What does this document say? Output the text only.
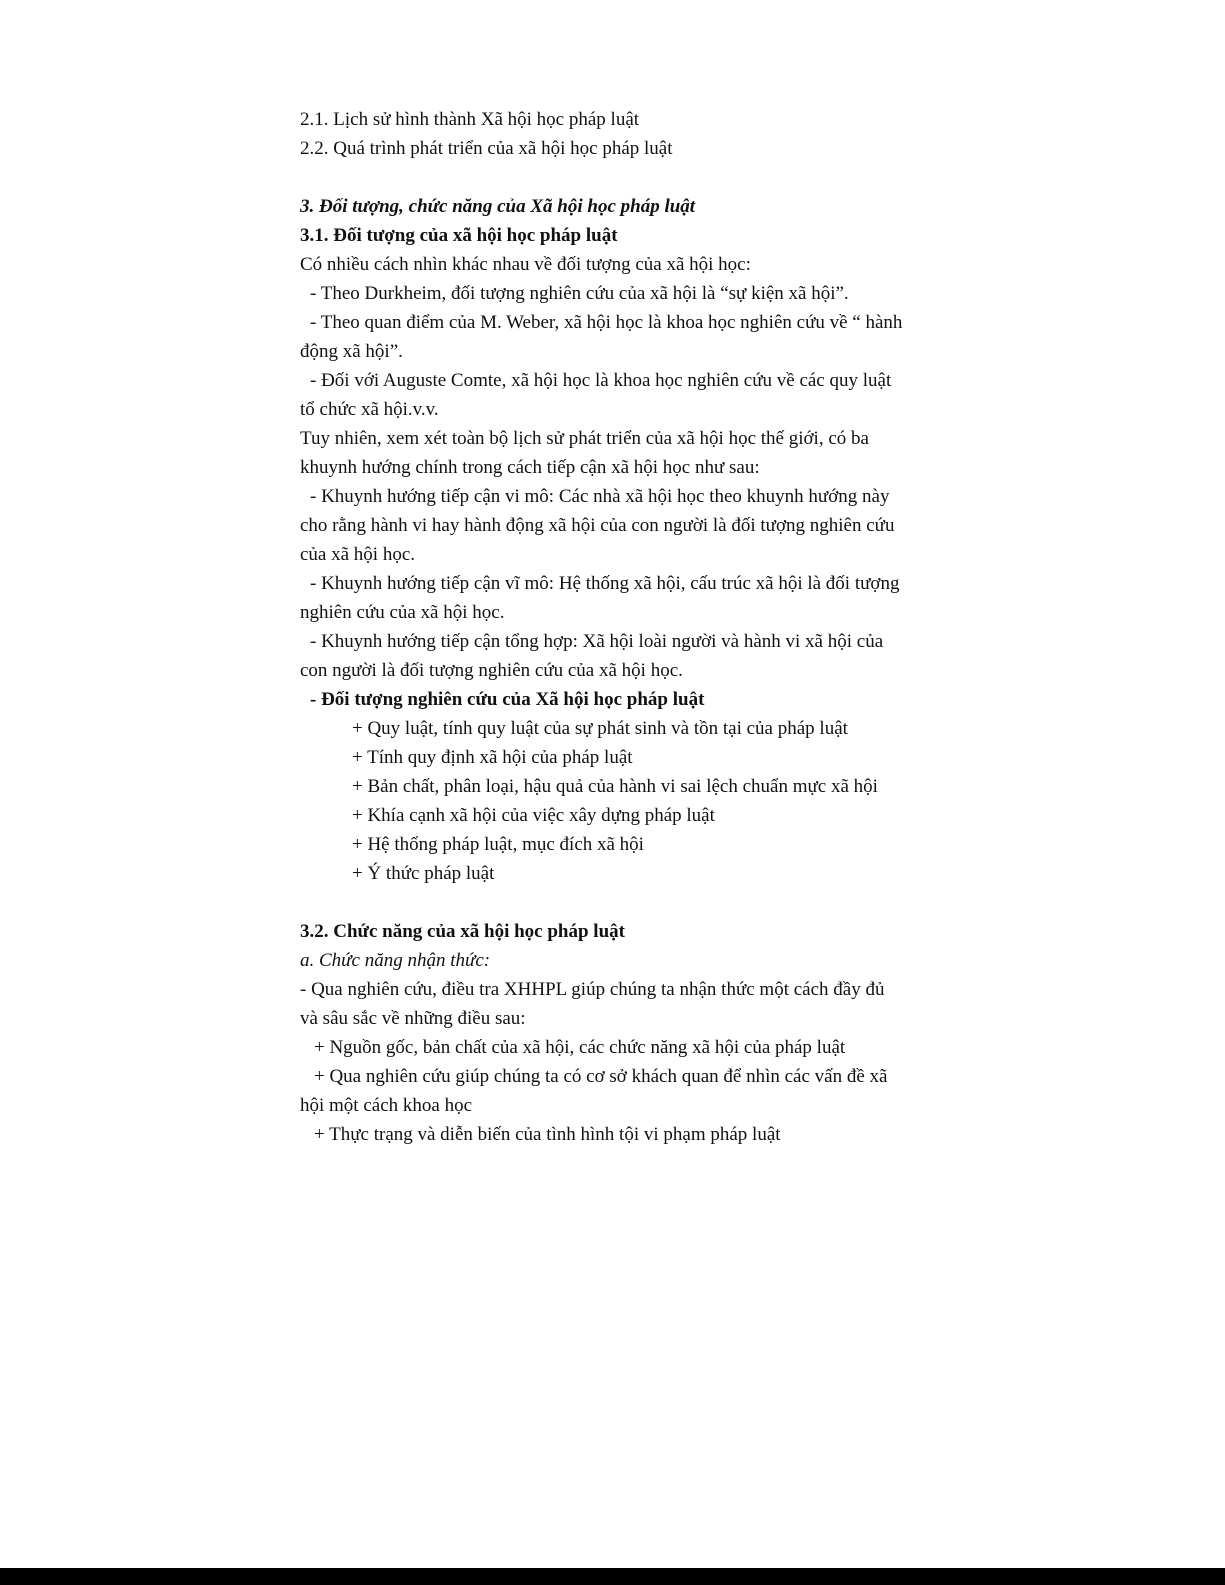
2.1. Lịch sử hình thành Xã hội học pháp luật
2.2. Quá trình phát triển của xã hội học pháp luật
3. Đối tượng, chức năng của Xã hội học pháp luật
3.1. Đối tượng của xã hội học pháp luật
Có nhiều cách nhìn khác nhau về đối tượng của xã hội học:
- Theo Durkheim, đối tượng nghiên cứu của xã hội là “sự kiện xã hội”.
- Theo quan điểm của M. Weber, xã hội học là khoa học nghiên cứu về “ hành
động xã hội”.
- Đối với Auguste Comte, xã hội học là khoa học nghiên cứu về các quy luật
tổ chức xã hội.v.v.
Tuy nhiên, xem xét toàn bộ lịch sử phát triển của xã hội học thế giới, có ba
khuynh hướng chính trong cách tiếp cận xã hội học như sau:
- Khuynh hướng tiếp cận vi mô: Các nhà xã hội học theo khuynh hướng này
cho rằng hành vi hay hành động xã hội của con người là đối tượng nghiên cứu
của xã hội học.
- Khuynh hướng tiếp cận vĩ mô: Hệ thống xã hội, cấu trúc xã hội là đối tượng
nghiên cứu của xã hội học.
- Khuynh hướng tiếp cận tổng hợp: Xã hội loài người và hành vi xã hội của
con người là đối tượng nghiên cứu của xã hội học.
- Đối tượng nghiên cứu của Xã hội học pháp luật
+ Quy luật, tính quy luật của sự phát sinh và tồn tại của pháp luật
+ Tính quy định xã hội của pháp luật
+ Bản chất, phân loại, hậu quả của hành vi sai lệch chuẩn mực xã hội
+ Khía cạnh xã hội của việc xây dựng pháp luật
+ Hệ thống pháp luật, mục đích xã hội
+ Ý thức pháp luật
3.2. Chức năng của xã hội học pháp luật
a. Chức năng nhận thức:
- Qua nghiên cứu, điều tra XHHPL giúp chúng ta nhận thức một cách đầy đủ
và sâu sắc về những điều sau:
+ Nguồn gốc, bản chất của xã hội, các chức năng xã hội của pháp luật
+ Qua nghiên cứu giúp chúng ta có cơ sở khách quan để nhìn các vấn đề xã
hội một cách khoa học
+ Thực trạng và diễn biến của tình hình tội vi phạm pháp luật
